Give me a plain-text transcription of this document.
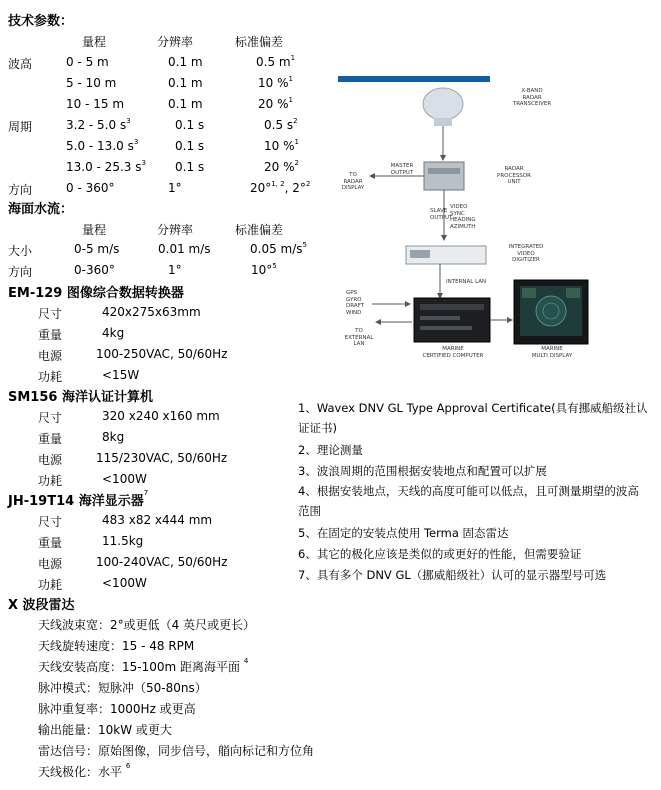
技术参数：
量程	分辨率	标准偏差
波高	0 - 5 m	0.1 m	0.5 $m^1$
5 - 10 m	0.1 m	10 %$^1$
10 - 15 m	0.1 m	20 %$^1$
周期	3.2 - 5.0 $s^3$	0.1 s	0.5 $s^2$
5.0 - 13.0 $s^3$	0.1 s	10 %$^1$
13.0 - 25.3 $s^3$ 0.1 s	20 %$^2$
方向	0 - 360°	1°	20°$^{1, 2}$, 2°$^2$
海面水流：
量程	分辨率	标准偏差
大小	0-5 m/s	0.01 m/s	0.05 $m/s^5$
方向	0-360°	1°	10°$^5$
EM-129 图像综合数据转换器
尺寸	420x275x63mm
重量	4kg
电源	100-250VAC, 50/60Hz
功耗	<15W
SM156 海洋认证计算机
尺寸	320 x240 x160 mm
重量	8kg
电源	115/230VAC, 50/60Hz
功耗	<100W
JH-19T14 海洋显示器$^7$
尺寸	483 x82 x444 mm
重量	11.5kg
电源	100-240VAC, 50/60Hz
功耗	<100W
X 波段雷达
天线波束宽：2°或更低（4 英尺或更长）
天线旋转速度：15 - 48 RPM
天线安装高度：15-100m 距离海平面 $^4$
脉冲模式：短脉冲（50-80ns）
脉冲重复率：1000Hz 或更高
输出能量：10kW 或更大
雷达信号：原始图像，同步信号，艏向标记和方位角
天线极化：水平 $^6$
1、Wavex DNV GL Type Approval Certificate(具有挪威船级社认证证书)
2、理论测量
3、波浪周期的范围根据安装地点和配置可以扩展
4、根据安装地点，天线的高度可能可以低点，且可测量期望的波高范围
5、在固定的安装点使用 Terma 固态雷达
6、其它的极化应该是类似的或更好的性能，但需要验证
7、具有多个 DNV GL（挪威船级社）认可的显示器型号可选
X-BAND
RADAR
TRANSCEIVER
RADAR
PROCESSOR
UNIT
MASTER
OUTPUT
TO
RADAR
DISPLAY
SLAVE
OUTPUT
VIDEO
SYNC
HEADING
AZIMUTH
INTEGRATED
VIDEO
DIGITIZER
INTERNAL LAN
GPS
GYRO
DRAFT
WIND
TO
EXTERNAL
LAN
MARINE
CERTIFIED COMPUTER
MARINE
MULTI DISPLAY
